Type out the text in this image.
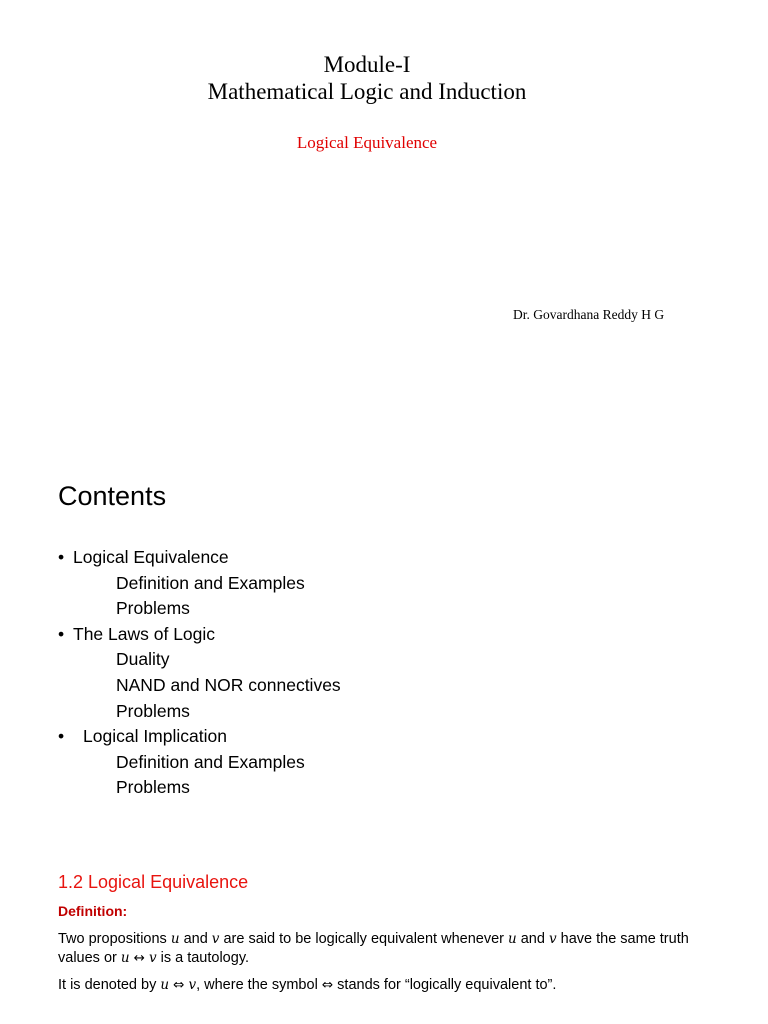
Module-I
Mathematical Logic and Induction
Logical Equivalence
Dr. Govardhana Reddy H G
Contents
• Logical Equivalence
Definition and Examples
Problems
• The Laws of Logic
Duality
NAND and NOR connectives
Problems
• Logical Implication
Definition and Examples
Problems
1.2 Logical Equivalence
Definition:
Two propositions u and v are said to be logically equivalent whenever u and v have the same truth values or u ↔ v is a tautology.
It is denoted by u ⇔ v, where the symbol ⇔ stands for “logically equivalent to”.
